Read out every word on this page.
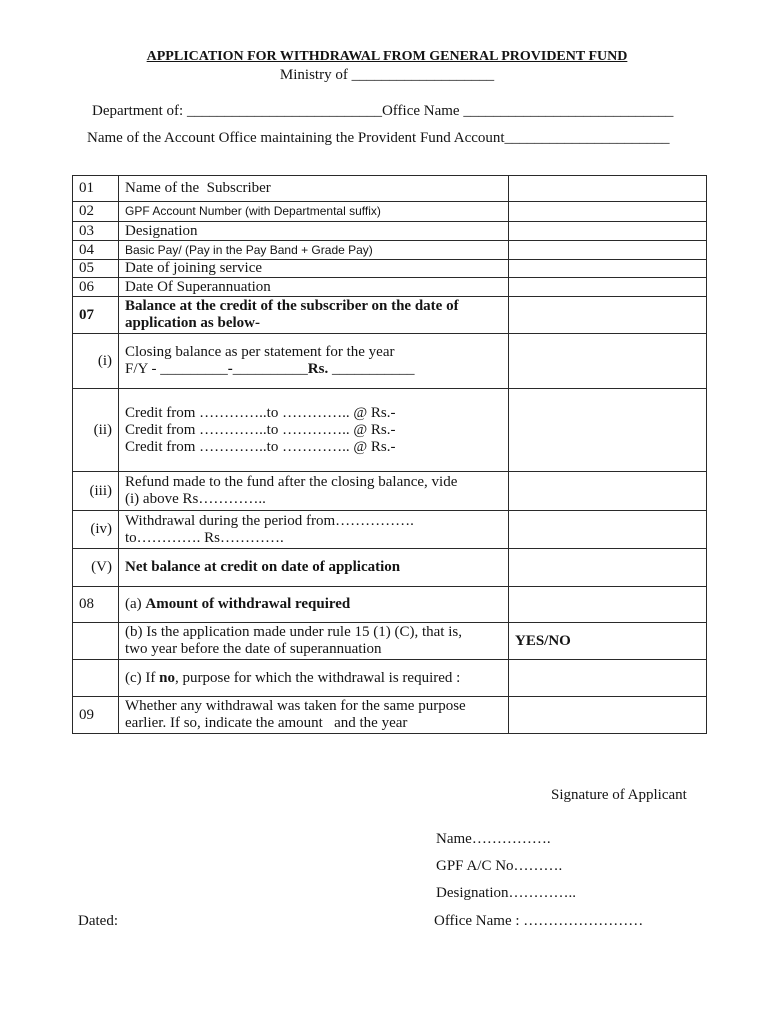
APPLICATION FOR WITHDRAWAL FROM GENERAL PROVIDENT FUND
Ministry of ___________________
Department of: __________________________Office Name ____________________________
Name of the Account Office maintaining the Provident Fund Account______________________
01	Name of the  Subscriber	
02	GPF Account Number (with Departmental suffix)	
03	Designation	
04	Basic Pay/ (Pay in the Pay Band + Grade Pay)	
05	Date of joining service	
06	Date Of Superannuation	
07	Balance at the credit of the subscriber on the date of
application as below-	
(i)	Closing balance as per statement for the year
F/Y - _________-__________Rs. ___________	

(ii)	Credit from …………..to ………….. @ Rs.-
Credit from …………..to ………….. @ Rs.-
Credit from …………..to ………….. @ Rs.-	

(iii)	Refund made to the fund after the closing balance, vide
(i) above Rs…………..	
(iv)	Withdrawal during the period from…………….
to…………. Rs………….	
(V)	Net balance at credit on date of application	
08	(a) Amount of withdrawal required	
	(b) Is the application made under rule 15 (1) (C), that is,
two year before the date of superannuation	YES/NO
	(c) If no, purpose for which the withdrawal is required :	
09	Whether any withdrawal was taken for the same purpose
earlier. If so, indicate the amount   and the year	
Signature of Applicant
Name…………….
GPF A/C No……….
Designation…………..
Dated:	Office Name : ……………………
